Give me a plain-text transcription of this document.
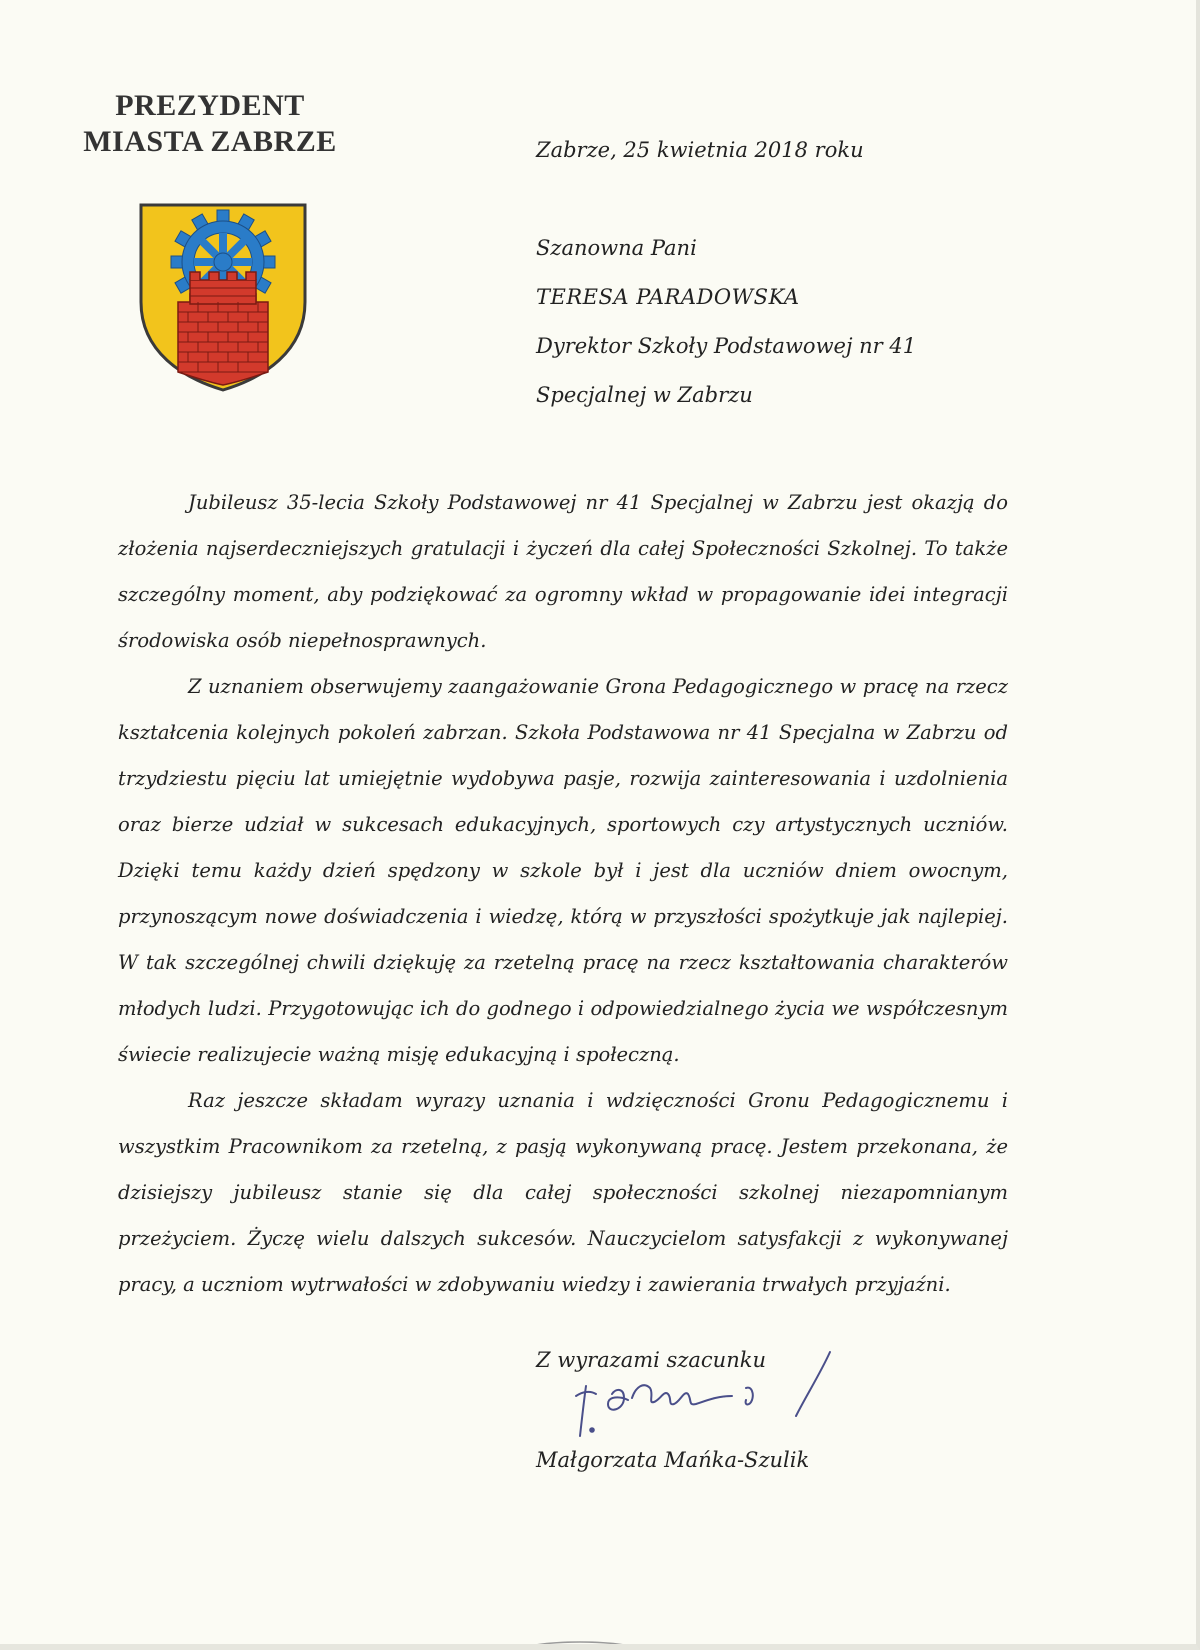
PREZYDENT
MIASTA ZABRZE	Zabrze, 25 kwietnia 2018 roku
Szanowna Pani
TERESA PARADOWSKA
Dyrektor Szkoły Podstawowej nr 41
Specjalnej w Zabrzu

Jubileusz 35-lecia Szkoły Podstawowej nr 41 Specjalnej w Zabrzu jest okazją do złożenia najserdeczniejszych gratulacji i życzeń dla całej Społeczności Szkolnej. To także szczególny moment, aby podziękować za ogromny wkład w propagowanie idei integracji środowiska osób niepełnosprawnych.

Z uznaniem obserwujemy zaangażowanie Grona Pedagogicznego w pracę na rzecz kształcenia kolejnych pokoleń zabrzan. Szkoła Podstawowa nr 41 Specjalna w Zabrzu od trzydziestu pięciu lat umiejętnie wydobywa pasje, rozwija zainteresowania i uzdolnienia oraz bierze udział w sukcesach edukacyjnych, sportowych czy artystycznych uczniów. Dzięki temu każdy dzień spędzony w szkole był i jest dla uczniów dniem owocnym, przynoszącym nowe doświadczenia i wiedzę, którą w przyszłości spożytkuje jak najlepiej. W tak szczególnej chwili dziękuję za rzetelną pracę na rzecz kształtowania charakterów młodych ludzi. Przygotowując ich do godnego i odpowiedzialnego życia we współczesnym świecie realizujecie ważną misję edukacyjną i społeczną.

Raz jeszcze składam wyrazy uznania i wdzięczności Gronu Pedagogicznemu i wszystkim Pracownikom za rzetelną, z pasją wykonywaną pracę. Jestem przekonana, że dzisiejszy jubileusz stanie się dla całej społeczności szkolnej niezapomnianym przeżyciem. Życzę wielu dalszych sukcesów. Nauczycielom satysfakcji z wykonywanej pracy, a uczniom wytrwałości w zdobywaniu wiedzy i zawierania trwałych przyjaźni.

Z wyrazami szacunku
Małgorzata Mańka-Szulik
